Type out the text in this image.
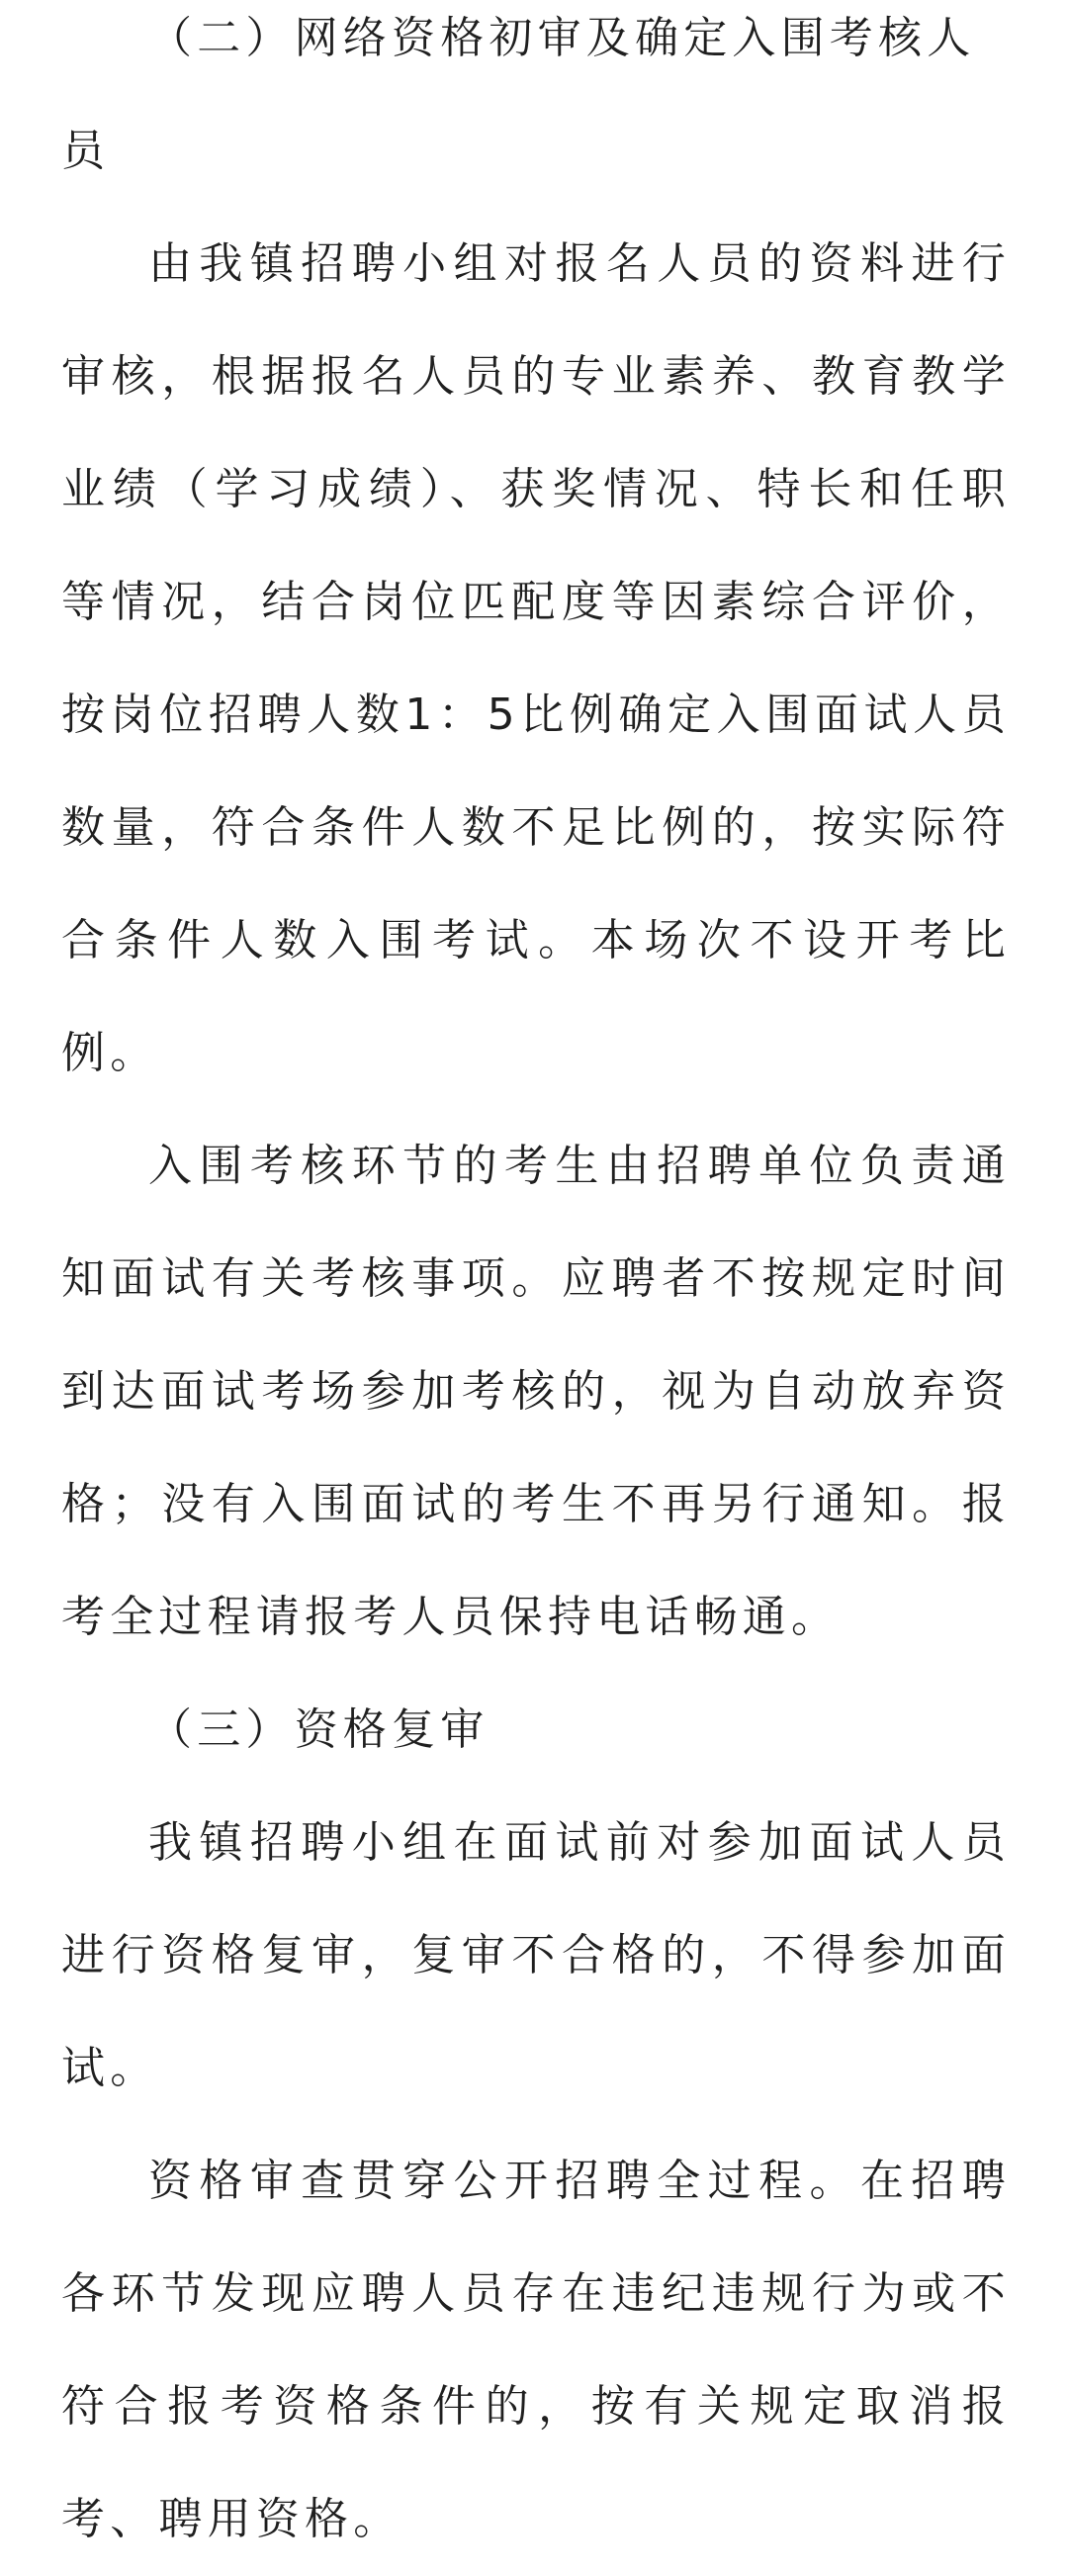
（二）网络资格初审及确定入围考核人员

由我镇招聘小组对报名人员的资料进行审核，根据报名人员的专业素养、教育教学业绩（学习成绩）、获奖情况、特长和任职等情况，结合岗位匹配度等因素综合评价，按岗位招聘人数1：5比例确定入围面试人员数量，符合条件人数不足比例的，按实际符合条件人数入围考试。本场次不设开考比例。

入围考核环节的考生由招聘单位负责通知面试有关考核事项。应聘者不按规定时间到达面试考场参加考核的，视为自动放弃资格；没有入围面试的考生不再另行通知。报考全过程请报考人员保持电话畅通。

（三）资格复审

我镇招聘小组在面试前对参加面试人员进行资格复审，复审不合格的，不得参加面试。

资格审查贯穿公开招聘全过程。在招聘各环节发现应聘人员存在违纪违规行为或不符合报考资格条件的，按有关规定取消报考、聘用资格。
